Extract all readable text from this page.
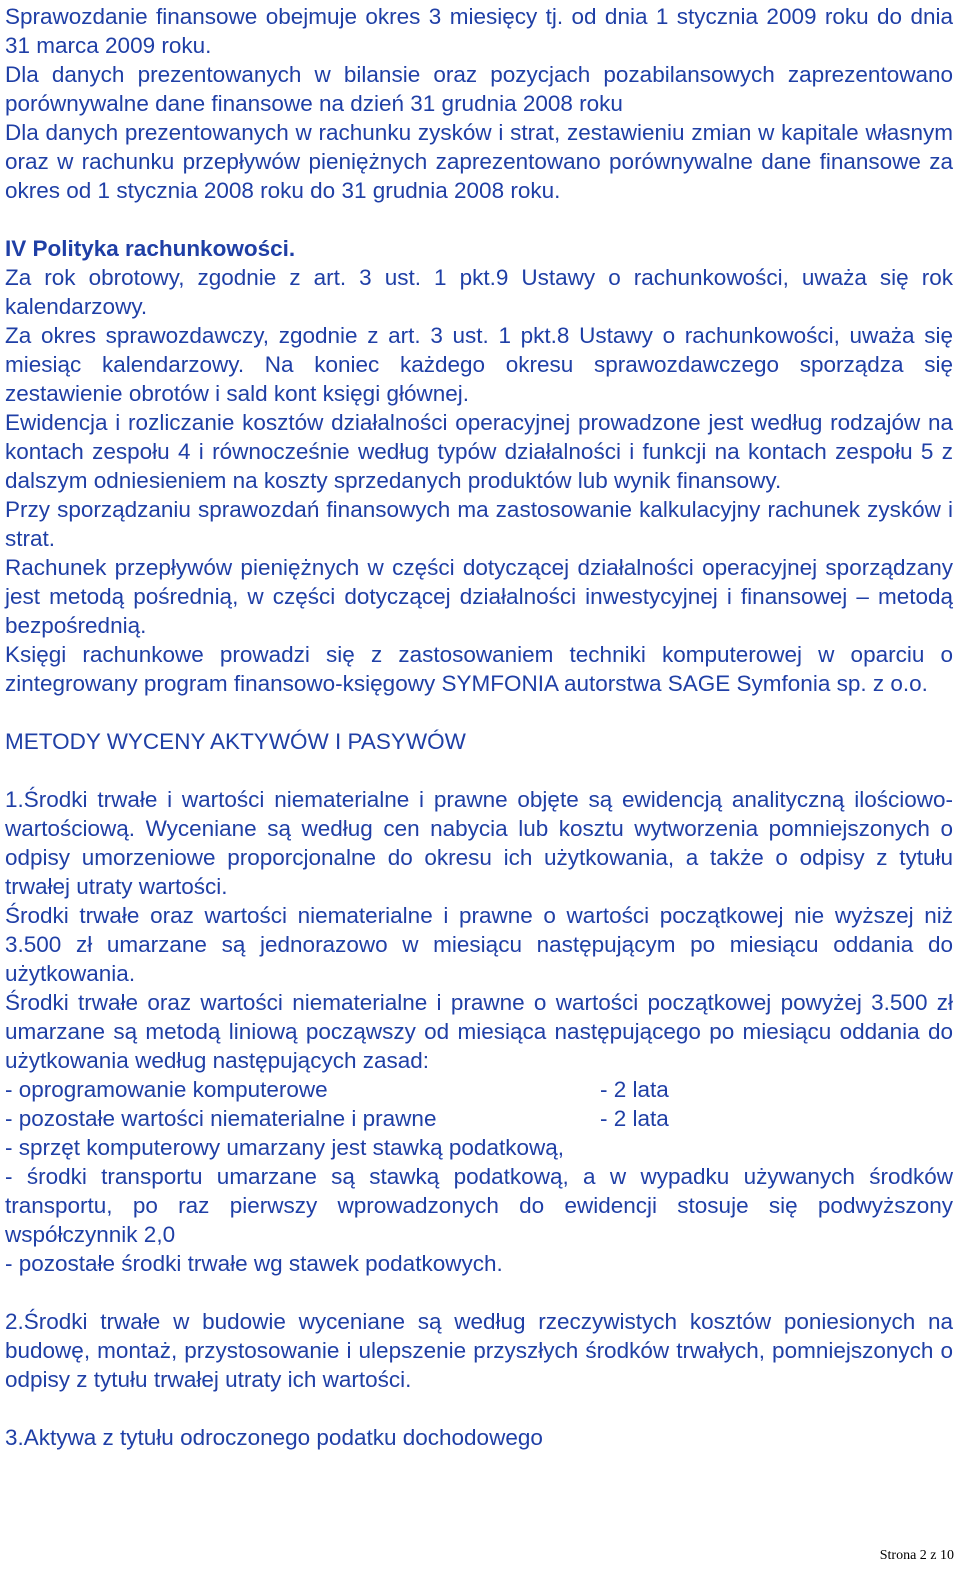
Sprawozdanie finansowe obejmuje okres 3 miesięcy tj. od dnia 1 stycznia 2009 roku do dnia 31 marca 2009 roku.

Dla danych prezentowanych w bilansie oraz pozycjach pozabilansowych zaprezentowano porównywalne dane finansowe na dzień 31 grudnia 2008 roku

Dla danych prezentowanych w rachunku zysków i strat, zestawieniu zmian w kapitale własnym oraz w rachunku przepływów pieniężnych zaprezentowano porównywalne dane finansowe za okres od 1 stycznia 2008 roku do 31 grudnia 2008 roku.

IV Polityka rachunkowości.

Za rok obrotowy, zgodnie z art. 3 ust. 1 pkt.9 Ustawy o rachunkowości, uważa się rok kalendarzowy.

Za okres sprawozdawczy, zgodnie z art. 3 ust. 1 pkt.8 Ustawy o rachunkowości, uważa się miesiąc kalendarzowy. Na koniec każdego okresu sprawozdawczego sporządza się zestawienie obrotów i sald kont księgi głównej.

Ewidencja i rozliczanie kosztów działalności operacyjnej prowadzone jest według rodzajów na kontach zespołu 4 i równocześnie według typów działalności i funkcji na kontach zespołu 5 z dalszym odniesieniem na koszty sprzedanych produktów lub wynik finansowy.

Przy sporządzaniu sprawozdań finansowych ma zastosowanie kalkulacyjny rachunek zysków i strat.

Rachunek przepływów pieniężnych w części dotyczącej działalności operacyjnej sporządzany jest metodą pośrednią, w części dotyczącej działalności inwestycyjnej i finansowej – metodą bezpośrednią.

Księgi rachunkowe prowadzi się z zastosowaniem techniki komputerowej w oparciu o zintegrowany program finansowo-księgowy SYMFONIA autorstwa SAGE Symfonia sp. z o.o.

METODY WYCENY AKTYWÓW I PASYWÓW

1.Środki trwałe i wartości niematerialne i prawne objęte są ewidencją analityczną ilościowo-wartościową. Wyceniane są według cen nabycia lub kosztu wytworzenia pomniejszonych o odpisy umorzeniowe proporcjonalne do okresu ich użytkowania, a także o odpisy z tytułu trwałej utraty wartości.

Środki trwałe oraz wartości niematerialne i prawne o wartości początkowej nie wyższej niż 3.500 zł umarzane są jednorazowo w miesiącu następującym po miesiącu oddania do użytkowania.

Środki trwałe oraz wartości niematerialne i prawne o wartości początkowej powyżej 3.500 zł umarzane są metodą liniową począwszy od miesiąca następującego po miesiącu oddania do użytkowania według następujących zasad:

- oprogramowanie komputerowe	- 2 lata
- pozostałe wartości niematerialne i prawne	- 2 lata

- sprzęt komputerowy umarzany jest stawką podatkową,

- środki transportu umarzane są stawką podatkową, a w wypadku używanych środków transportu, po raz pierwszy wprowadzonych do ewidencji stosuje się podwyższony współczynnik 2,0

- pozostałe środki trwałe wg stawek podatkowych.

2.Środki trwałe w budowie wyceniane są według rzeczywistych kosztów poniesionych na budowę, montaż, przystosowanie i ulepszenie przyszłych środków trwałych, pomniejszonych o odpisy z tytułu trwałej utraty ich wartości.

3.Aktywa z tytułu odroczonego podatku dochodowego

Strona 2 z 10
